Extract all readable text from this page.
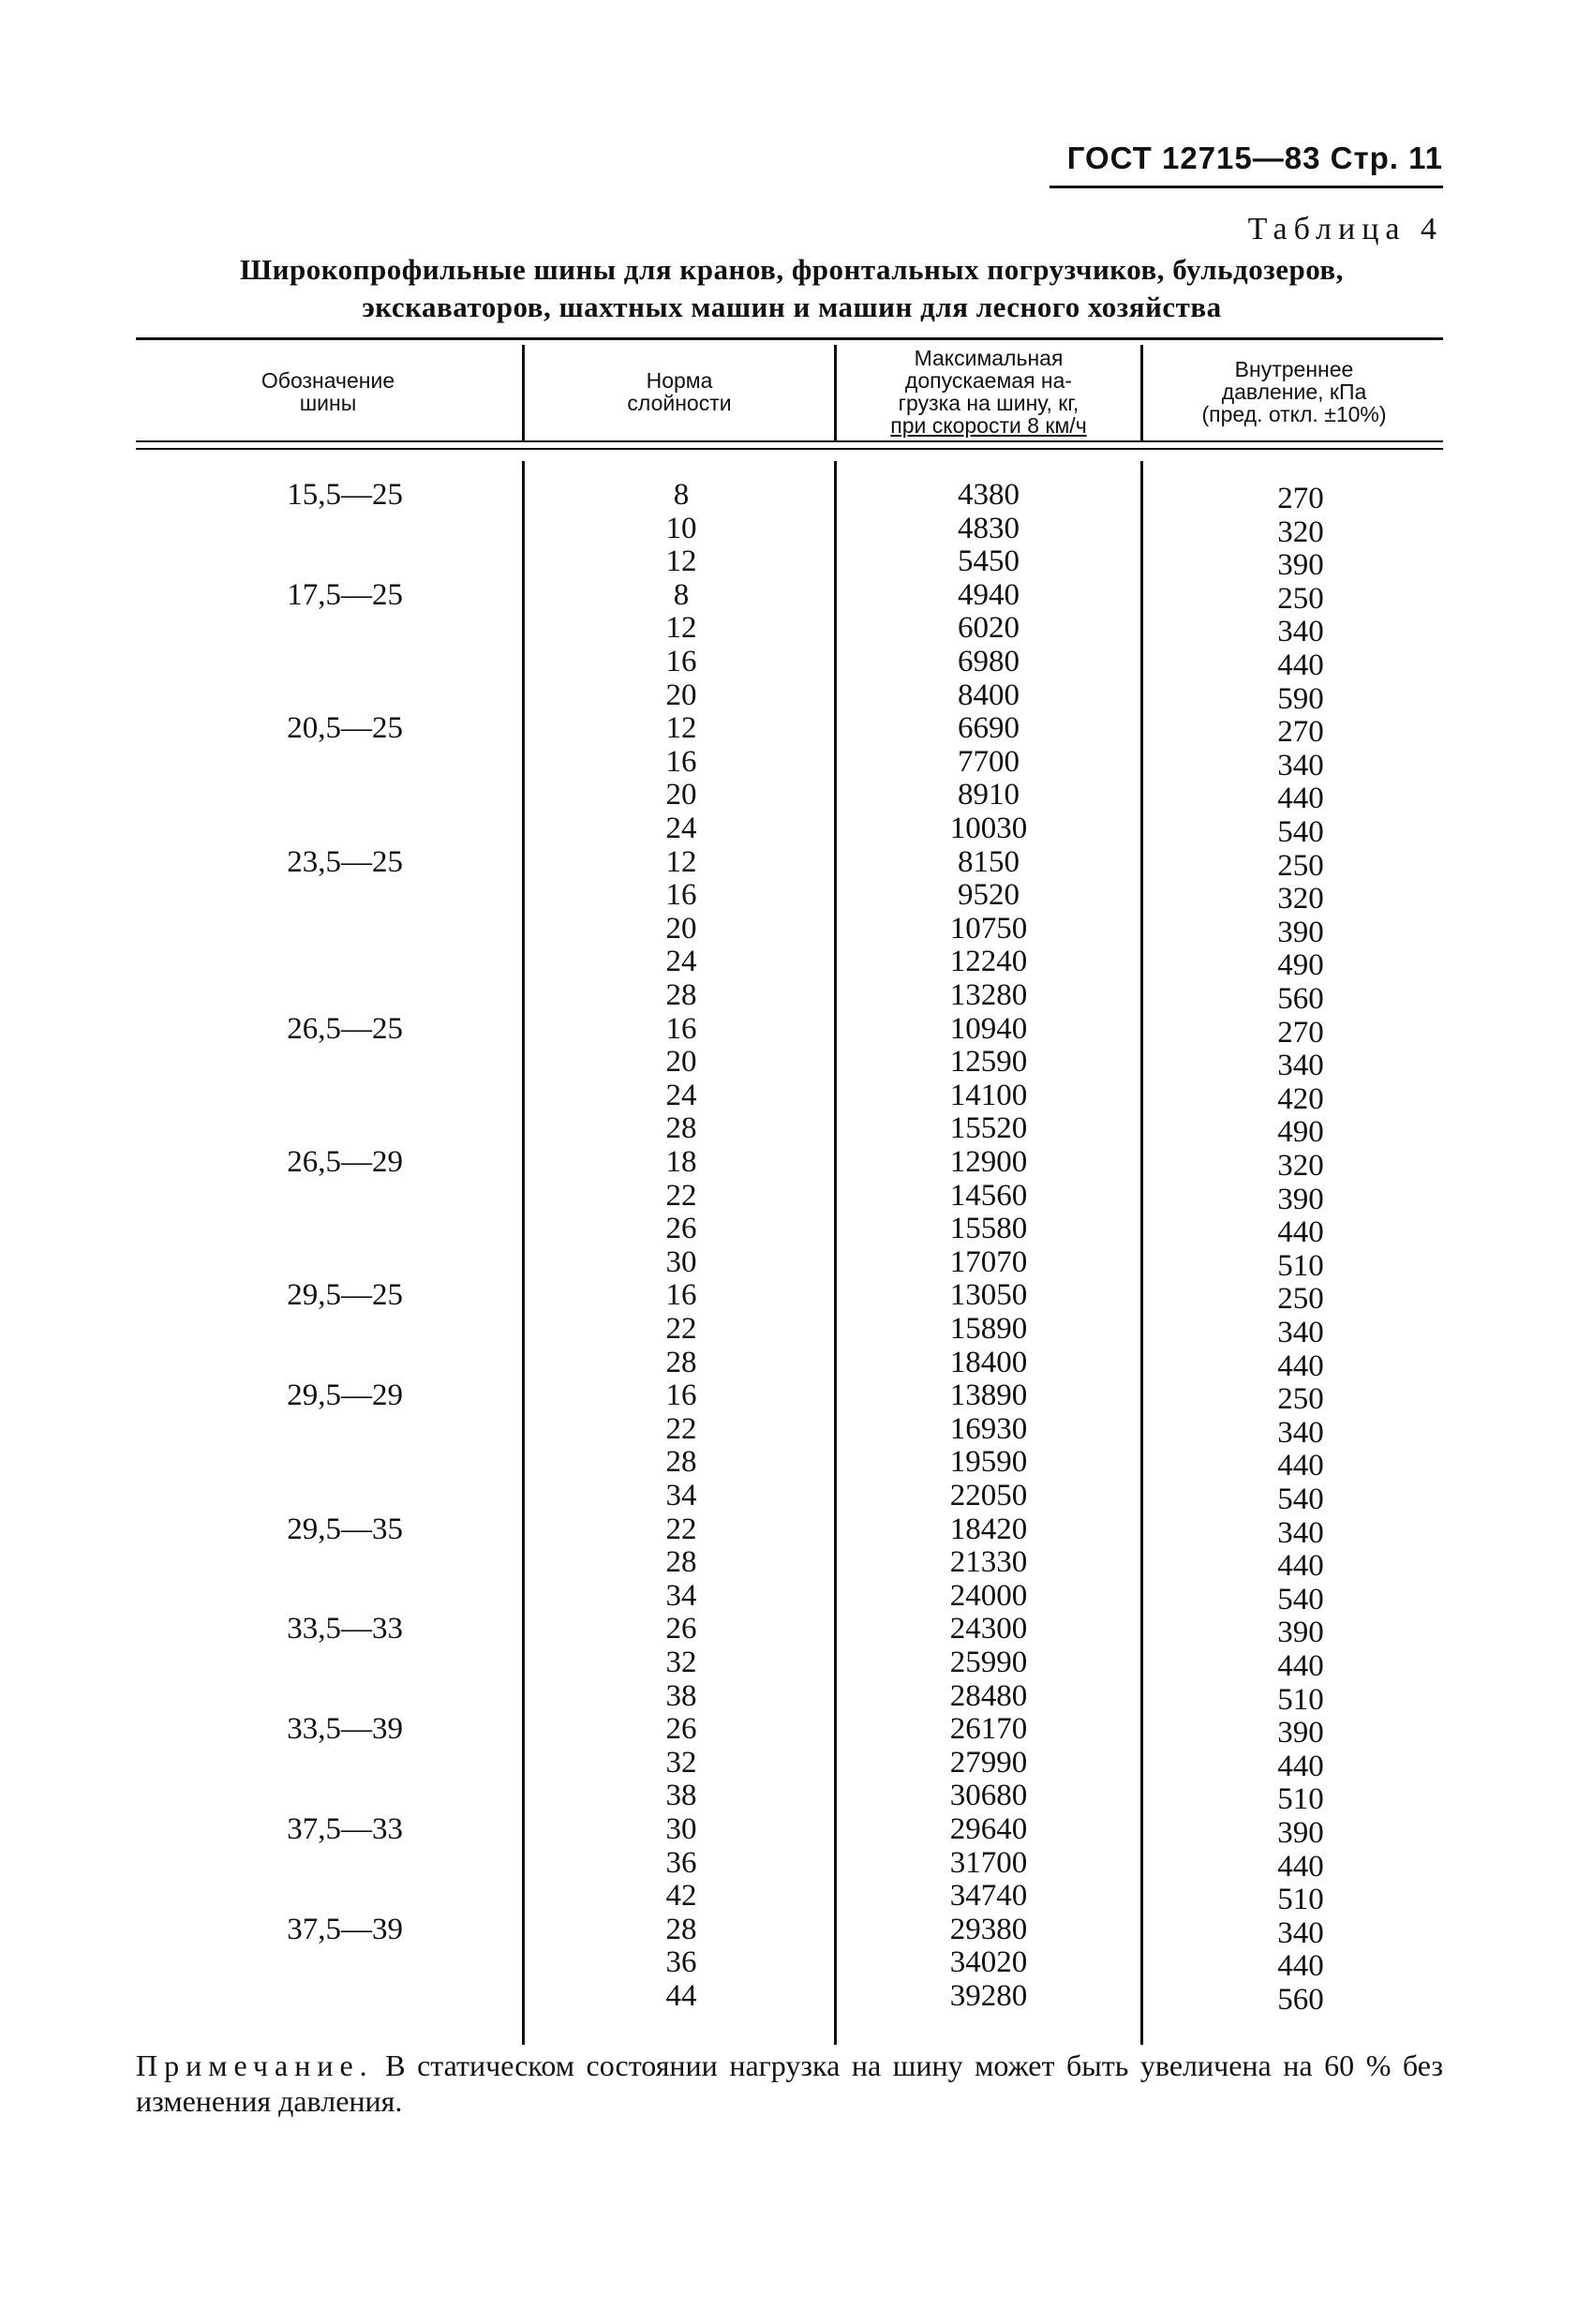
ГОСТ 12715—83 Стр. 11
Таблица 4
Широкопрофильные шины для кранов, фронтальных погрузчиков, бульдозеров,
экскаваторов, шахтных машин и машин для лесного хозяйства
Обозначение
шины
Норма
слойности
Максимальная
допускаемая на-
грузка на шину, кг,
при скорости 8 км/ч
Внутреннее
давление, кПа
(пред. откл. ±10%)
15,5—25
17,5—25
20,5—25
23,5—25
26,5—25
26,5—29
29,5—25
29,5—29
29,5—35
33,5—33
33,5—39
37,5—33
37,5—39
8
10
12
8
12
16
20
12
16
20
24
12
16
20
24
28
16
20
24
28
18
22
26
30
16
22
28
16
22
28
34
22
28
34
26
32
38
26
32
38
30
36
42
28
36
44
4380
4830
5450
4940
6020
6980
8400
6690
7700
8910
10030
8150
9520
10750
12240
13280
10940
12590
14100
15520
12900
14560
15580
17070
13050
15890
18400
13890
16930
19590
22050
18420
21330
24000
24300
25990
28480
26170
27990
30680
29640
31700
34740
29380
34020
39280
270
320
390
250
340
440
590
270
340
440
540
250
320
390
490
560
270
340
420
490
320
390
440
510
250
340
440
250
340
440
540
340
440
540
390
440
510
390
440
510
390
440
510
340
440
560
Примечание. В статическом состоянии нагрузка на шину может быть увеличена на 60 % без изменения давления.
